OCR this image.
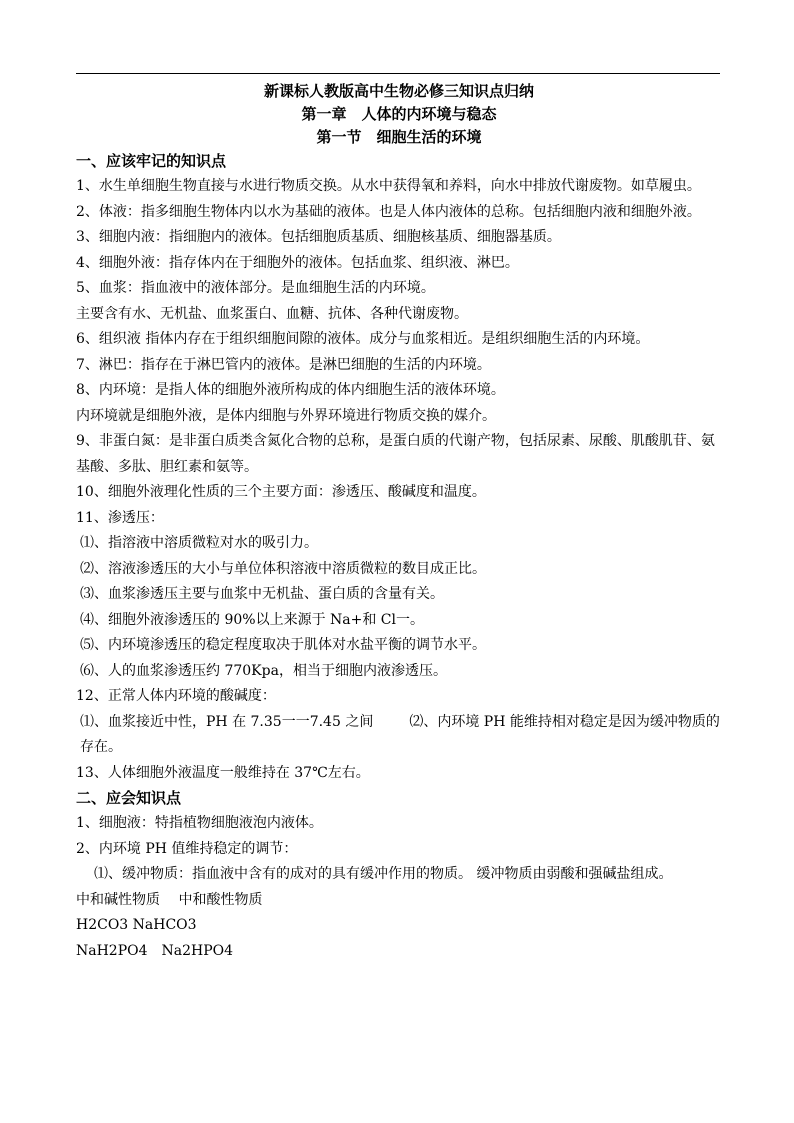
新课标人教版高中生物必修三知识点归纳

第一章　人体的内环境与稳态

第一节　细胞生活的环境

一、应该牢记的知识点

1、水生单细胞生物直接与水进行物质交换。从水中获得氧和养料，向水中排放代谢废物。如草履虫。

2、体液：指多细胞生物体内以水为基础的液体。也是人体内液体的总称。包括细胞内液和细胞外液。

3、细胞内液：指细胞内的液体。包括细胞质基质、细胞核基质、细胞器基质。

4、细胞外液：指存体内在于细胞外的液体。包括血浆、组织液、淋巴。

5、血浆：指血液中的液体部分。是血细胞生活的内环境。

主要含有水、无机盐、血浆蛋白、血糖、抗体、各种代谢废物。

6、组织液 指体内存在于组织细胞间隙的液体。成分与血浆相近。是组织细胞生活的内环境。

7、淋巴：指存在于淋巴管内的液体。是淋巴细胞的生活的内环境。

8、内环境：是指人体的细胞外液所构成的体内细胞生活的液体环境。

内环境就是细胞外液，是体内细胞与外界环境进行物质交换的媒介。

9、非蛋白氮：是非蛋白质类含氮化合物的总称，是蛋白质的代谢产物，包括尿素、尿酸、肌酸肌苷、氨基酸、多肽、胆红素和氨等。

10、细胞外液理化性质的三个主要方面：渗透压、酸碱度和温度。

11、渗透压：

⑴、指溶液中溶质微粒对水的吸引力。

⑵、溶液渗透压的大小与单位体积溶液中溶质微粒的数目成正比。

⑶、血浆渗透压主要与血浆中无机盐、蛋白质的含量有关。

⑷、细胞外液渗透压的 90%以上来源于 Na+和 Cl一。

⑸、内环境渗透压的稳定程度取决于肌体对水盐平衡的调节水平。

⑹、人的血浆渗透压约 770Kpa，相当于细胞内液渗透压。

12、正常人体内环境的酸碱度：

⑴、血浆接近中性，PH 在 7.35一一7.45 之间	⑵、内环境 PH 能维持相对稳定是因为缓冲物质的存在。

13、人体细胞外液温度一般维持在 37℃左右。

二、应会知识点

1、细胞液：特指植物细胞液泡内液体。

2、内环境 PH 值维持稳定的调节：

⑴、缓冲物质：指血液中含有的成对的具有缓冲作用的物质。 缓冲物质由弱酸和强碱盐组成。

中和碱性物质　 中和酸性物质

H2CO3 NaHCO3

NaH2PO4　Na2HPO4
